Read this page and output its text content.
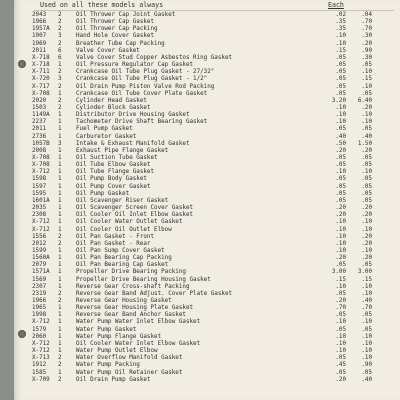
Used on all these models always	Each
2043	2	Oil Thrower Cap Joint Gasket	.02	.04
1966	2	Oil Thrower Cap Gasket	.35	.70
1957A	2	Oil Thrower Cap Packing	.35	.70
1007	3	Hand Hole Cover Gasket	.10	.30
1969	2	Breather Tube Cap Packing	.10	.20
2011	6	Valve Cover Gasket	.15	.90
X-718	6	Valve Cover Stud Copper Asbestos Ring Gasket	.05	.30
X-718	1	Oil Pressure Regulator Cap Gasket	.05	.05
X-711	2	Crankcase Oil Tube Plug Gasket - 27/32"	.05	.10
X-720	3	Crankcase Oil Tube Plug Gasket - 1/2"	.05	.15
X-717	2	Oil Drain Pump Piston Valve Rod Packing	.05	.10
X-708	1	Crankcase Oil Tube Cover Plate Gasket	.05	.05
2020	2	Cylinder Head Gasket	3.20	6.40
1503	2	Cylinder Block Gasket	.10	.20
1149A	1	Distributor Drive Housing Gasket	.10	.10
2237	1	Tachometer Drive Shaft Bearing Gasket	.10	.10
2011	1	Fuel Pump Gasket	.05	.05
2736	1	Carburetor Gasket	.40	.40
1057B	3	Intake & Exhaust Manifold Gasket	.50	1.50
2008	1	Exhaust Pipe Flange Gasket	.20	.20
X-708	1	Oil Suction Tube Gasket	.05	.05
X-708	1	Oil Tube Elbow Gasket	.05	.05
X-712	1	Oil Tube Flange Gasket	.10	.10
1598	1	Oil Pump Body Gasket	.05	.05
1597	1	Oil Pump Cover Gasket	.05	.05
1595	1	Oil Pump Gasket	.05	.05
1601A	1	Oil Scavenger Riser Gasket	.05	.05
2035	1	Oil Scavenger Screen Cover Gasket	.20	.20
2308	1	Oil Cooler Oil Inlet Elbow Gasket	.20	.20
X-712	1	Oil Cooler Water Outlet Gasket	.10	.10
X-712	1	Oil Cooler Oil Outlet Elbow	.10	.10
1556	2	Oil Pan Gasket - Front	.10	.20
2012	2	Oil Pan Gasket - Rear	.10	.20
1599	1	Oil Pan Sump Cover Gasket	.10	.10
1560A	1	Oil Pan Bearing Cap Packing	.20	.20
2079	1	Oil Pan Bearing Cap Gasket	.05	.05
1571A	1	Propeller Drive Bearing Packing	3.00	3.00
1569	1	Propeller Drive Bearing Housing Gasket	.15	.15
2307	1	Reverse Gear Cross-shaft Packing	.10	.10
2319	2	Reverse Gear Band Adjust. Cover Plate Gasket	.05	.10
1966	2	Reverse Gear Housing Gasket	.20	.40
1965	1	Reverse Gear Housing Plate Gasket	.70	.70
1998	1	Reverse Gear Band Anchor Gasket	.05	.05
X-712	1	Water Pump Water Inlet Elbow Gasket	.10	.10
1579	1	Water Pump Gasket	.05	.05
2060	1	Water Pump Flange Gasket	.10	.10
X-712	1	Oil Cooler Water Inlet Elbow Gasket	.10	.10
X-712	1	Water Pump Outlet Elbow	.10	.10
X-713	2	Water Overflow Manifold Gasket	.05	.10
1912	2	Water Pump Packing	.45	.90
1585	1	Water Pump Oil Retainer Gasket	.05	.05
X-709	2	Oil Drain Pump Gasket	.20	.40
